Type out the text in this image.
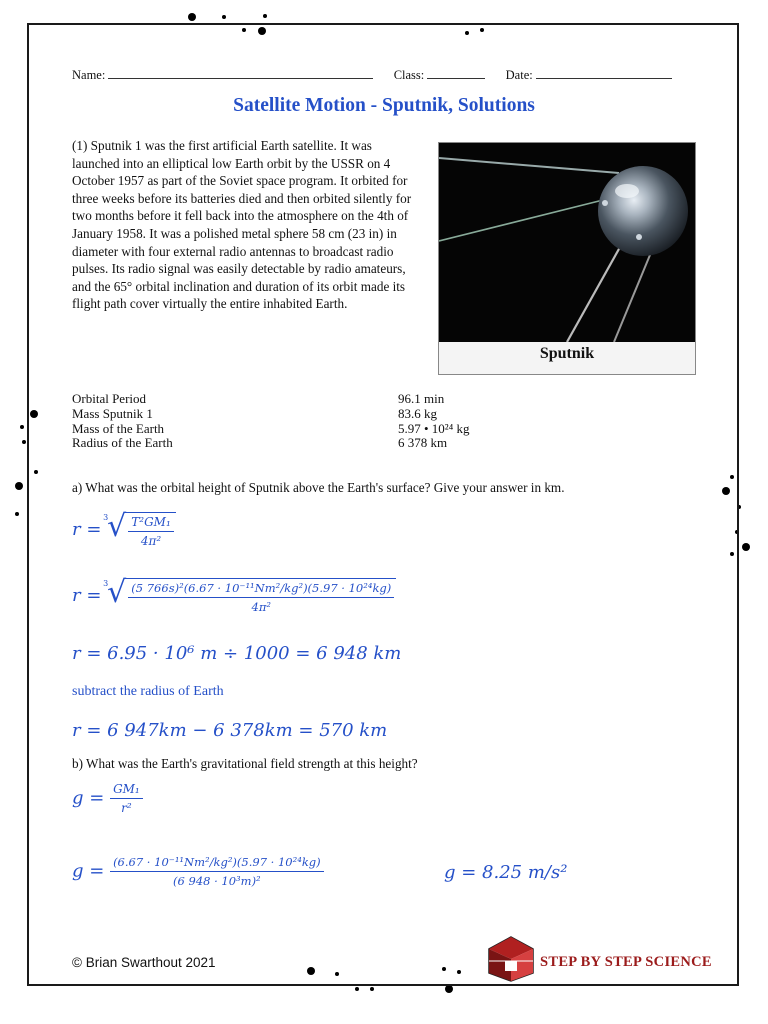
Name:	Class:	Date:
Satellite Motion - Sputnik, Solutions
(1) Sputnik 1 was the first artificial Earth satellite. It was launched into an elliptical low Earth orbit by the USSR on 4 October 1957 as part of the Soviet space program. It orbited for three weeks before its batteries died and then orbited silently for two months before it fell back into the atmosphere on the 4th of January 1958. It was a polished metal sphere 58 cm (23 in) in diameter with four external radio antennas to broadcast radio pulses. Its radio signal was easily detectable by radio amateurs, and the 65° orbital inclination and duration of its orbit made its flight path cover virtually the entire inhabited Earth.
Sputnik
Orbital Period	96.1 min
Mass Sputnik 1	83.6 kg
Mass of the Earth	5.97 • 10²⁴ kg
Radius of the Earth	6 378 km
a) What was the orbital height of Sputnik above the Earth's surface? Give your answer in km.
r = √
$3 \frac{\text{T²GM₁}}{\text{4π²}}$
r = √
$3 \frac{\text{(5 766s)²(6.67 · 10⁻¹¹Nm²/kg²)(5.97 · 10²⁴kg)}}{\text{4π²}}$
r = 6.95 · 10⁶ m ÷ 1000 = 6 948 km
subtract the radius of Earth
r = 6 947km − 6 378km = 570 km
b) What was the Earth's gravitational field strength at this height?
$g = \frac{\text{GM₁}}{\text{r²}}$
$g = \frac{\text{(6.67 · 10⁻¹¹Nm²/kg²)(5.97 · 10²⁴kg)}}{\text{(6 948 · 10³m)²}}$	g = 8.25 m/s²
© Brian Swarthout 2021	STEP BY STEP SCIENCE
